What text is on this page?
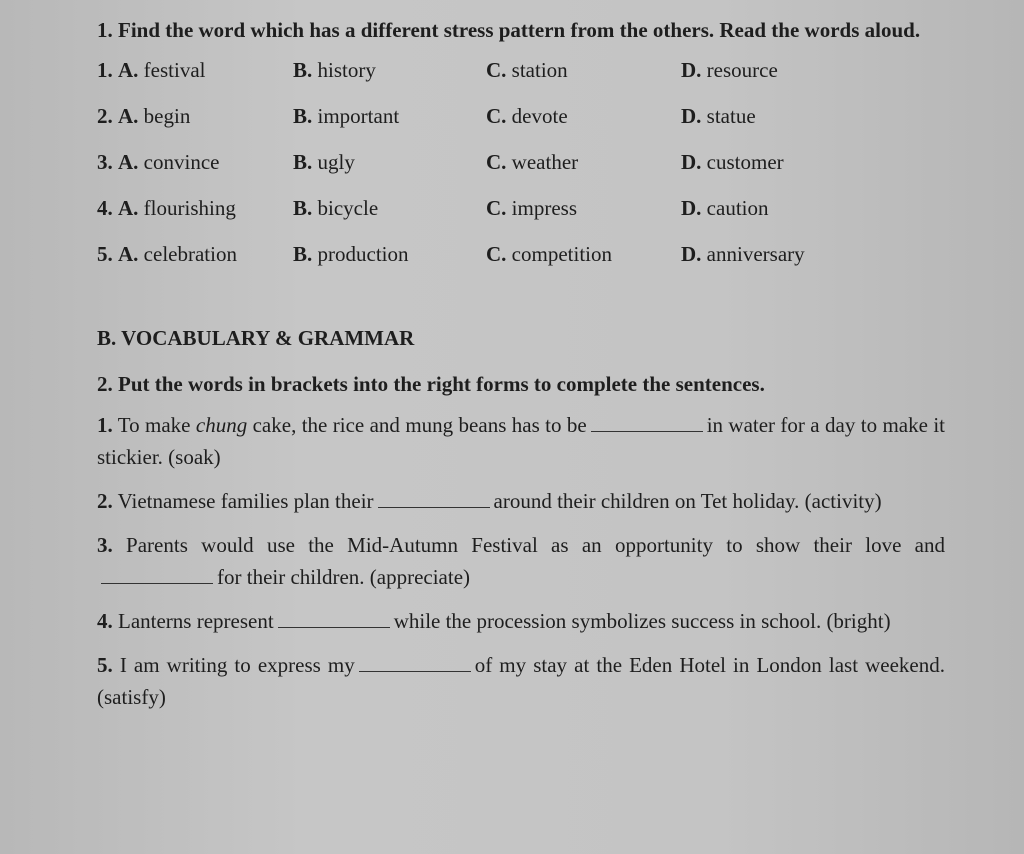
1. Find the word which has a different stress pattern from the others. Read the words aloud.

1. A. festival	B. history	C. station	D. resource
2. A. begin	B. important	C. devote	D. statue
3. A. convince	B. ugly	C. weather	D. customer
4. A. flourishing	B. bicycle	C. impress	D. caution
5. A. celebration	B. production	C. competition	D. anniversary
B. VOCABULARY & GRAMMAR
2. Put the words in brackets into the right forms to complete the sentences.
1. To make chung cake, the rice and mung beans has to be	in water for a day to make it stickier. (soak)
2. Vietnamese families plan their	around their children on Tet holiday. (activity)
3. Parents would use the Mid-Autumn Festival as an opportunity to show their love andfor their children. (appreciate)
4. Lanterns represent	while the procession symbolizes success in school. (bright)
5. I am writing to express my	of my stay at the Eden Hotel in London last weekend. (satisfy)
